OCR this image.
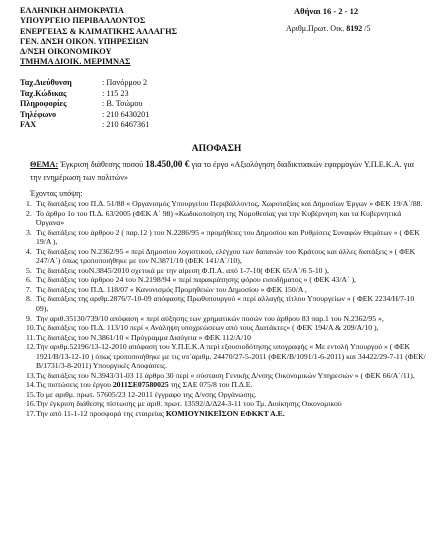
ΕΛΛΗΝΙΚΗ ΔΗΜΟΚΡΑΤΙΑ
ΥΠΟΥΡΓΕΙΟ ΠΕΡΙΒΑΛΛΟΝΤΟΣ
ΕΝΕΡΓΕΙΑΣ & ΚΛΙΜΑΤΙΚΗΣ ΑΛΛΑΓΗΣ
ΓΕΝ. ΔΝΣΗ ΟΙΚΟΝ. ΥΠΗΡΕΣΙΩΝ
Δ/ΝΣΗ ΟΙΚΟΝΟΜΙΚΟΥ
ΤΜΗΜΑ ΔΙΟΙΚ. ΜΕΡΙΜΝΑΣ
Ταχ.Διεύθυνση	: Πανόρμου 2
Ταχ.Κώδικας	: 115 23
Πληροφορίες	: Β. Τσώμου
Τηλέφωνο	: 210 6430201
FAX	: 210 6467361
Αθήναι 16 - 2 - 12
Αριθμ.Πρωτ. Οικ. 8192 /5
ΑΠΟΦΑΣΗ
ΘΕΜΑ: Έγκριση διάθεσης ποσού 18.450,00 € για το έργο «Αξιολόγηση διαδικτυακών εφαρμογών Υ.Π.Ε.Κ.Α. για την ενημέρωση των πολιτών»
Έχοντας υπόψη:
1. Τις διατάξεις του Π.Δ. 51/88 « Οργανισμός Υπουργείου Περιβάλλοντος, Χωροταξίας και Δημοσίων Έργων » ΦΕΚ 19/Α΄/88.
2. Το άρθρο 1ο του Π.Δ. 63/2005 (ΦΕΚ Α΄ 98) «Κωδικοποίηση της Νομοθεσίας για την Κυβέρνηση και τα Κυβερνητικά Όργανα»
3. Τις διατάξεις του άρθρου 2 ( παρ.12 ) του Ν.2286/95 « προμήθειες του Δημοσίου και Ρυθμίσεις Συναφών Θεμάτων » ( ΦΕΚ 19/Α ),
4. Τις διατάξεις του Ν.2362/95 « περί Δημοσίου λογιστικού, ελέγχου των δαπανών του Κράτους και άλλες διατάξεις » ( ΦΕΚ 247/Α΄) όπως τροποποιήθηκε με τον Ν.3871/10 (ΦΕΚ 141/Α΄/10),
5. Τις διατάξεις τουΝ.3845/2010 σχετικά με την αίρεση Φ.Π.Α. από 1-7-10( ΦΕΚ 65/Α΄/6 5-10 ),
6. Τις διατάξεις του άρθρου 24 του Ν.2198/94 « περί παρακράτησης φόρου εισοδήματος » ( ΦΕΚ 43/Α΄ ),
7. Τις διατάξεις του Π.Δ. 118/07 « Κανονισμός Προμηθειών του Δημοσίου » ΦΕΚ 150/Α ,
8. Τις διατάξεις της αριθμ.2876/7-10-09 απόφασης Πρωθυπουργού « περί αλλαγής τίτλου Υπουργείων » ( ΦΕΚ 2234/Η/7-10 09),
9. Την αριθ.35130/739/10 απόφαση « περί αύξησης των χρηματικών ποσών του άρθρου 83 παρ.1 του Ν.2362/95 »,
10. Τις διατάξεις του Π.Δ. 113/10 περί « Ανάληψη υποχρεώσεων από τους Διατάκτες» ( ΦΕΚ 194/Α & 209/Α/10 ),
11. Τις διατάξεις του Ν.3861/10 « Πρόγραμμα Διαύγεια » ΦΕΚ 112/Α/10
12. Την αριθμ.52196/13-12-2010 απόφαση του Υ.Π.Ε.Κ.Α περί εξουσιοδότησης υπογραφής « Με εντολή Υπουργού » ( ΦΕΚ 1921/Β/13-12-10 ) όπως τροποποιήθηκε με τις υπ΄αριθμ. 24470/27-5-2011 (ΦΕΚ/Β/1091/1-6-2011) και 34422/29-7-11 (ΦΕΚ/Β/1731/3-8-2011) Υπουργικές Αποφάσεις.
13. Τις διατάξεις του Ν.3943/31-03 11 άρθρο 30 περί « σύσταση Γενικής Δ/νσης Οικονομικών Υπηρεσιών » ( ΦΕΚ 66/Α΄/11),
14. Τις πιστώσεις του έργου 2011ΣΕ07580025 της ΣΑΕ 075/8 του Π.Δ.Ε.
15. Το με αριθμ. πρωτ. 57605/23 12-2011 έγγραφο της Δ/νσης Οργάνωσης.
16. Την έγκριση διάθεσης πίστωσης με αριθ. πρωτ. 13592/Δ/Δ24-3-11 του Τμ. Διοίκησης Οικονομικού
17. Την από 11-1-12 προσφορά της εταιρείας ΚΟΜΙΟΥΝΙΚΕΪΣΟΝ ΕΦΚΚΤ Α.Ε.
